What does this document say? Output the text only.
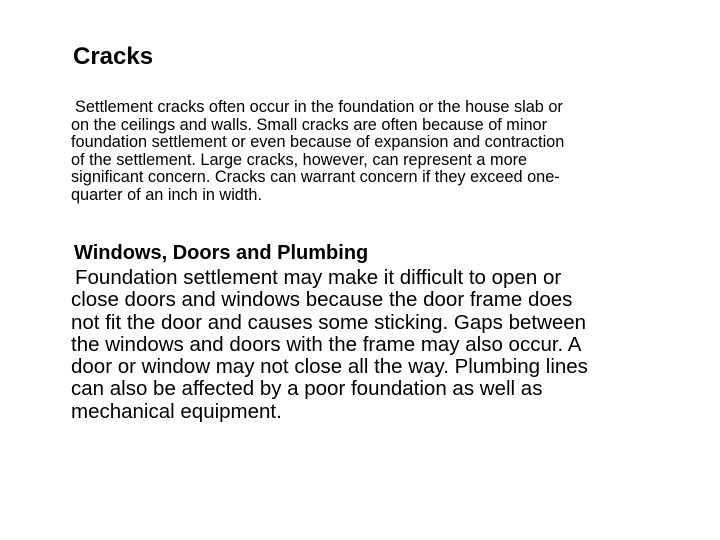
Cracks
Settlement cracks often occur in the foundation or the house slab or
on the ceilings and walls. Small cracks are often because of minor
foundation settlement or even because of expansion and contraction
of the settlement. Large cracks, however, can represent a more
significant concern. Cracks can warrant concern if they exceed one-
quarter of an inch in width.
Windows, Doors and Plumbing
Foundation settlement may make it difficult to open or
close doors and windows because the door frame does
not fit the door and causes some sticking. Gaps between
the windows and doors with the frame may also occur. A
door or window may not close all the way. Plumbing lines
can also be affected by a poor foundation as well as
mechanical equipment.
